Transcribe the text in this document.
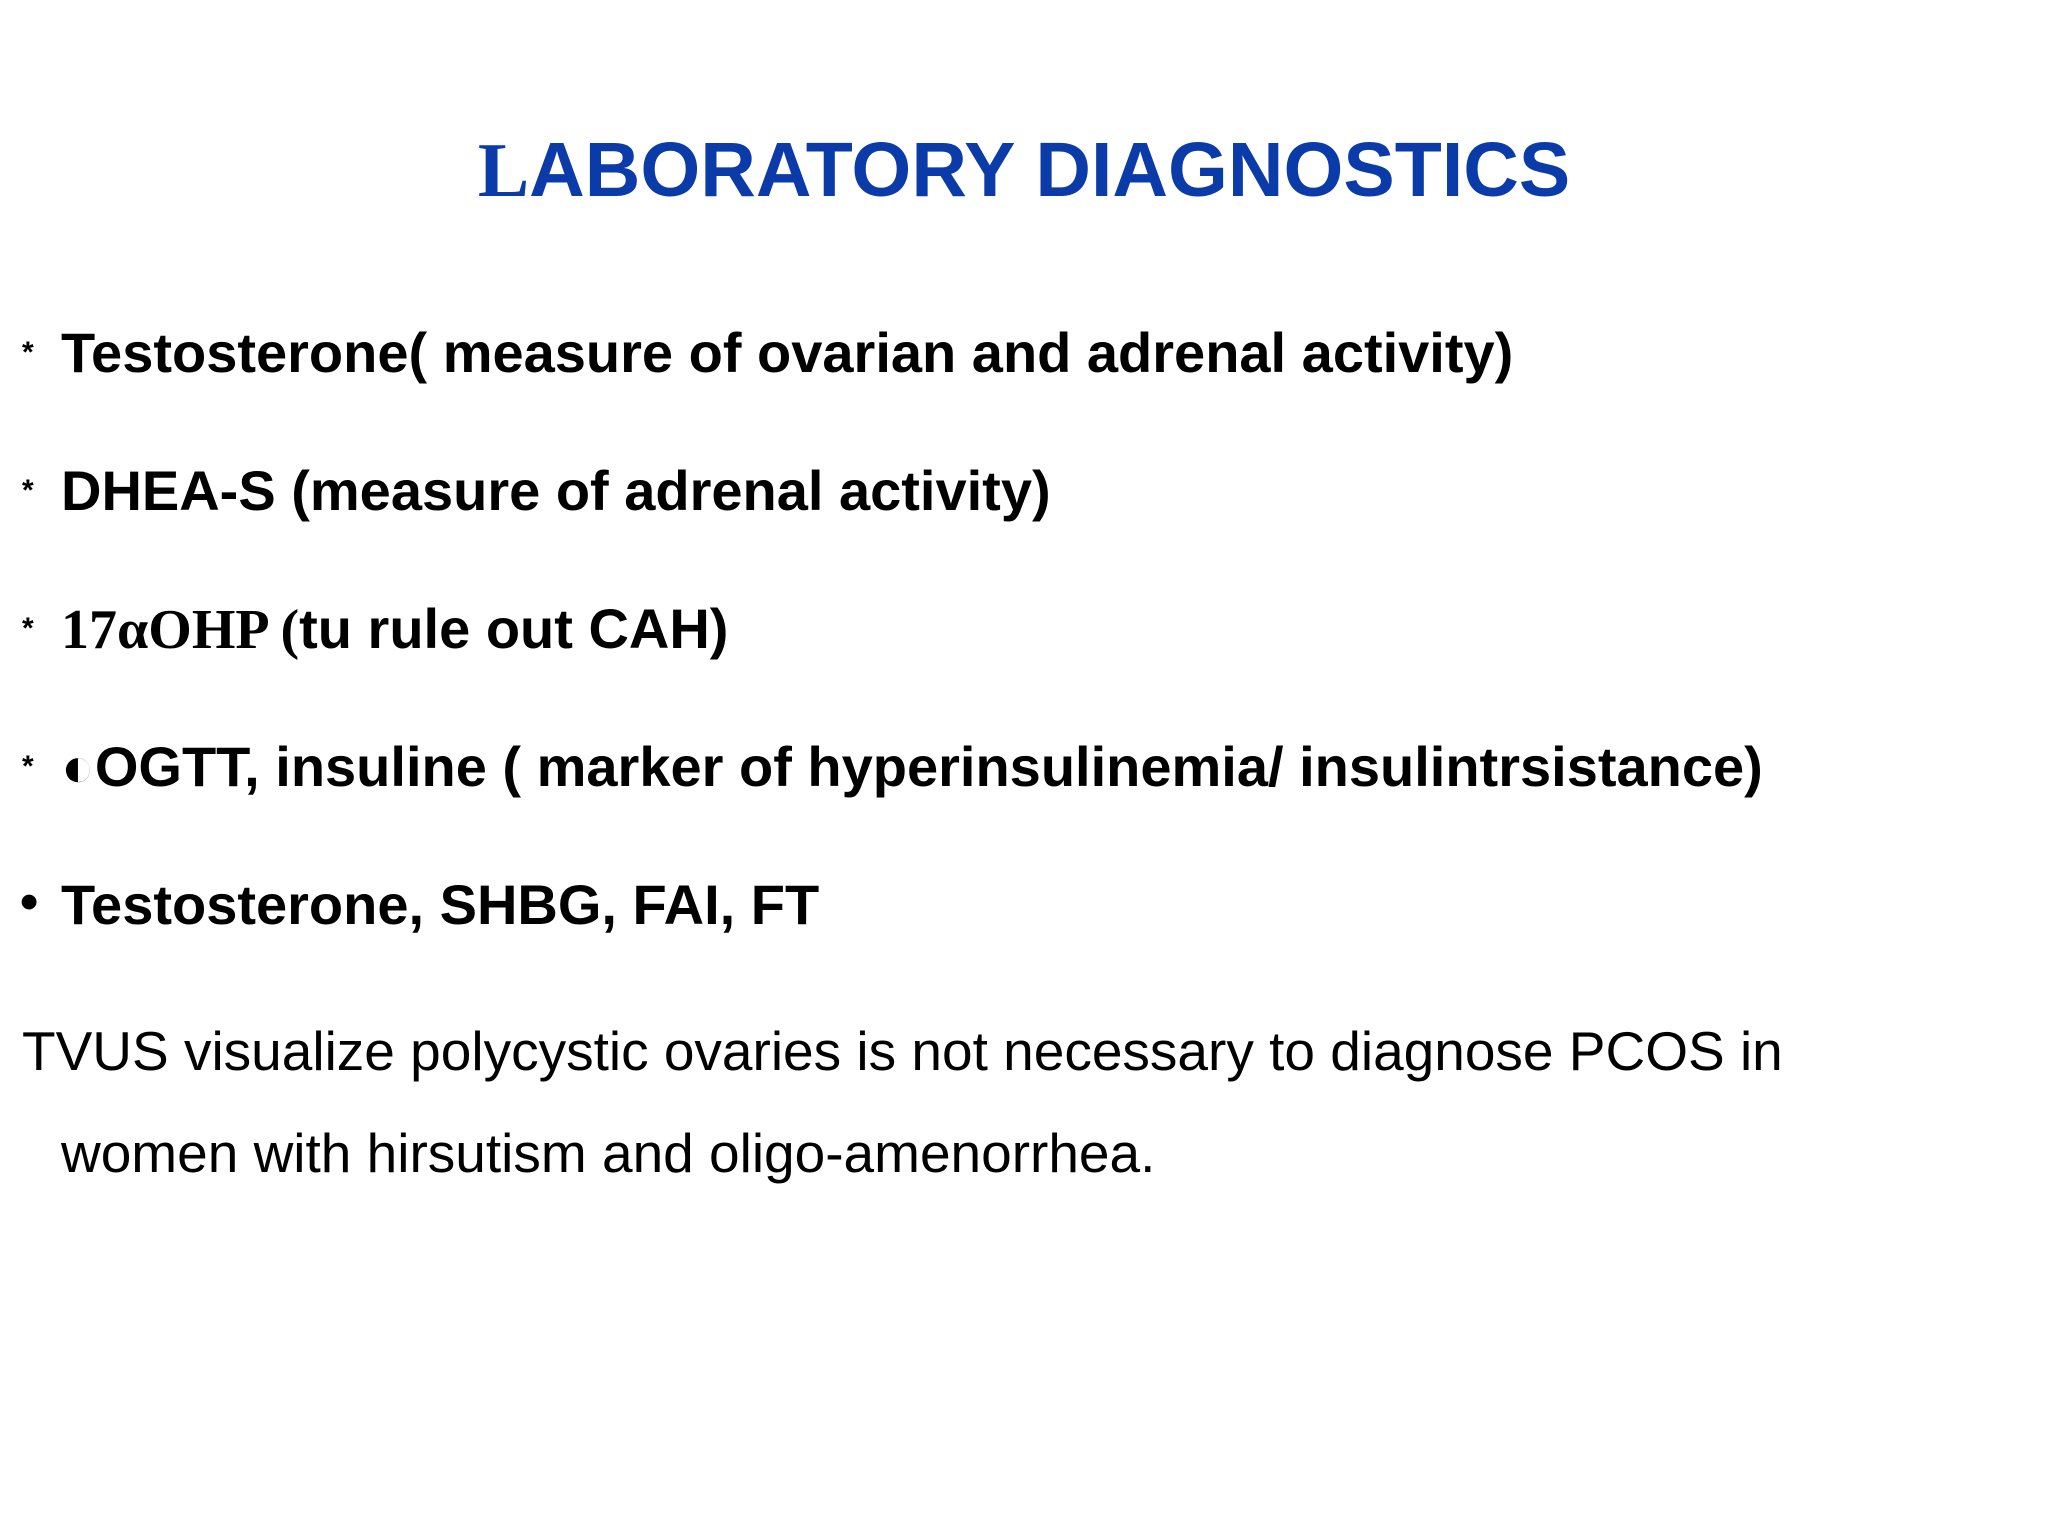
LABORATORY DIAGNOSTICS
* Testosterone( measure of ovarian and adrenal activity)
* DHEA-S (measure of adrenal activity)
* 17αOHP (tu rule out CAH)
* ◐OGTT, insuline ( marker of hyperinsulinemia/ insulintrsistance)
• Testosterone, SHBG, FAI, FT
TVUS visualize polycystic ovaries is not necessary to diagnose PCOS in
women with hirsutism and oligo-amenorrhea.
